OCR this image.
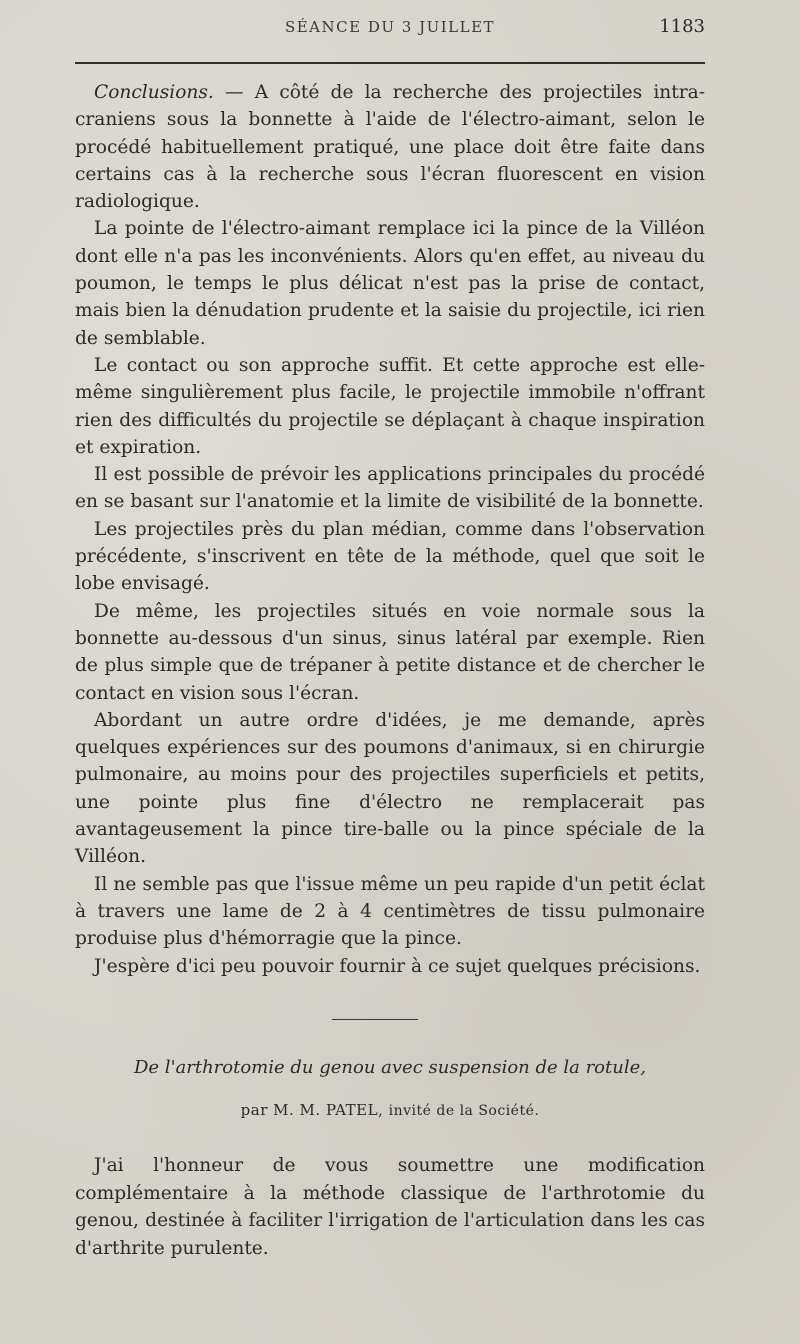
SÉANCE DU 3 JUILLET	1183

Conclusions. — A côté de la recherche des projectiles intra-craniens sous la bonnette à l'aide de l'électro-aimant, selon le procédé habituellement pratiqué, une place doit être faite dans certains cas à la recherche sous l'écran fluorescent en vision radiologique.

La pointe de l'électro-aimant remplace ici la pince de la Villéon dont elle n'a pas les inconvénients. Alors qu'en effet, au niveau du poumon, le temps le plus délicat n'est pas la prise de contact, mais bien la dénudation prudente et la saisie du projectile, ici rien de semblable.

Le contact ou son approche suffit. Et cette approche est elle-même singulièrement plus facile, le projectile immobile n'offrant rien des difficultés du projectile se déplaçant à chaque inspiration et expiration.

Il est possible de prévoir les applications principales du procédé en se basant sur l'anatomie et la limite de visibilité de la bonnette.

Les projectiles près du plan médian, comme dans l'observation précédente, s'inscrivent en tête de la méthode, quel que soit le lobe envisagé.

De même, les projectiles situés en voie normale sous la bonnette au-dessous d'un sinus, sinus latéral par exemple. Rien de plus simple que de trépaner à petite distance et de chercher le contact en vision sous l'écran.

Abordant un autre ordre d'idées, je me demande, après quelques expériences sur des poumons d'animaux, si en chirurgie pulmonaire, au moins pour des projectiles superficiels et petits, une pointe plus fine d'électro ne remplacerait pas avantageusement la pince tire-balle ou la pince spéciale de la Villéon.

Il ne semble pas que l'issue même un peu rapide d'un petit éclat à travers une lame de 2 à 4 centimètres de tissu pulmonaire produise plus d'hémorragie que la pince.

J'espère d'ici peu pouvoir fournir à ce sujet quelques précisions.

De l'arthrotomie du genou avec suspension de la rotule,
par M. M. PATEL, invité de la Société.

J'ai l'honneur de vous soumettre une modification complémentaire à la méthode classique de l'arthrotomie du genou, destinée à faciliter l'irrigation de l'articulation dans les cas d'arthrite purulente.
